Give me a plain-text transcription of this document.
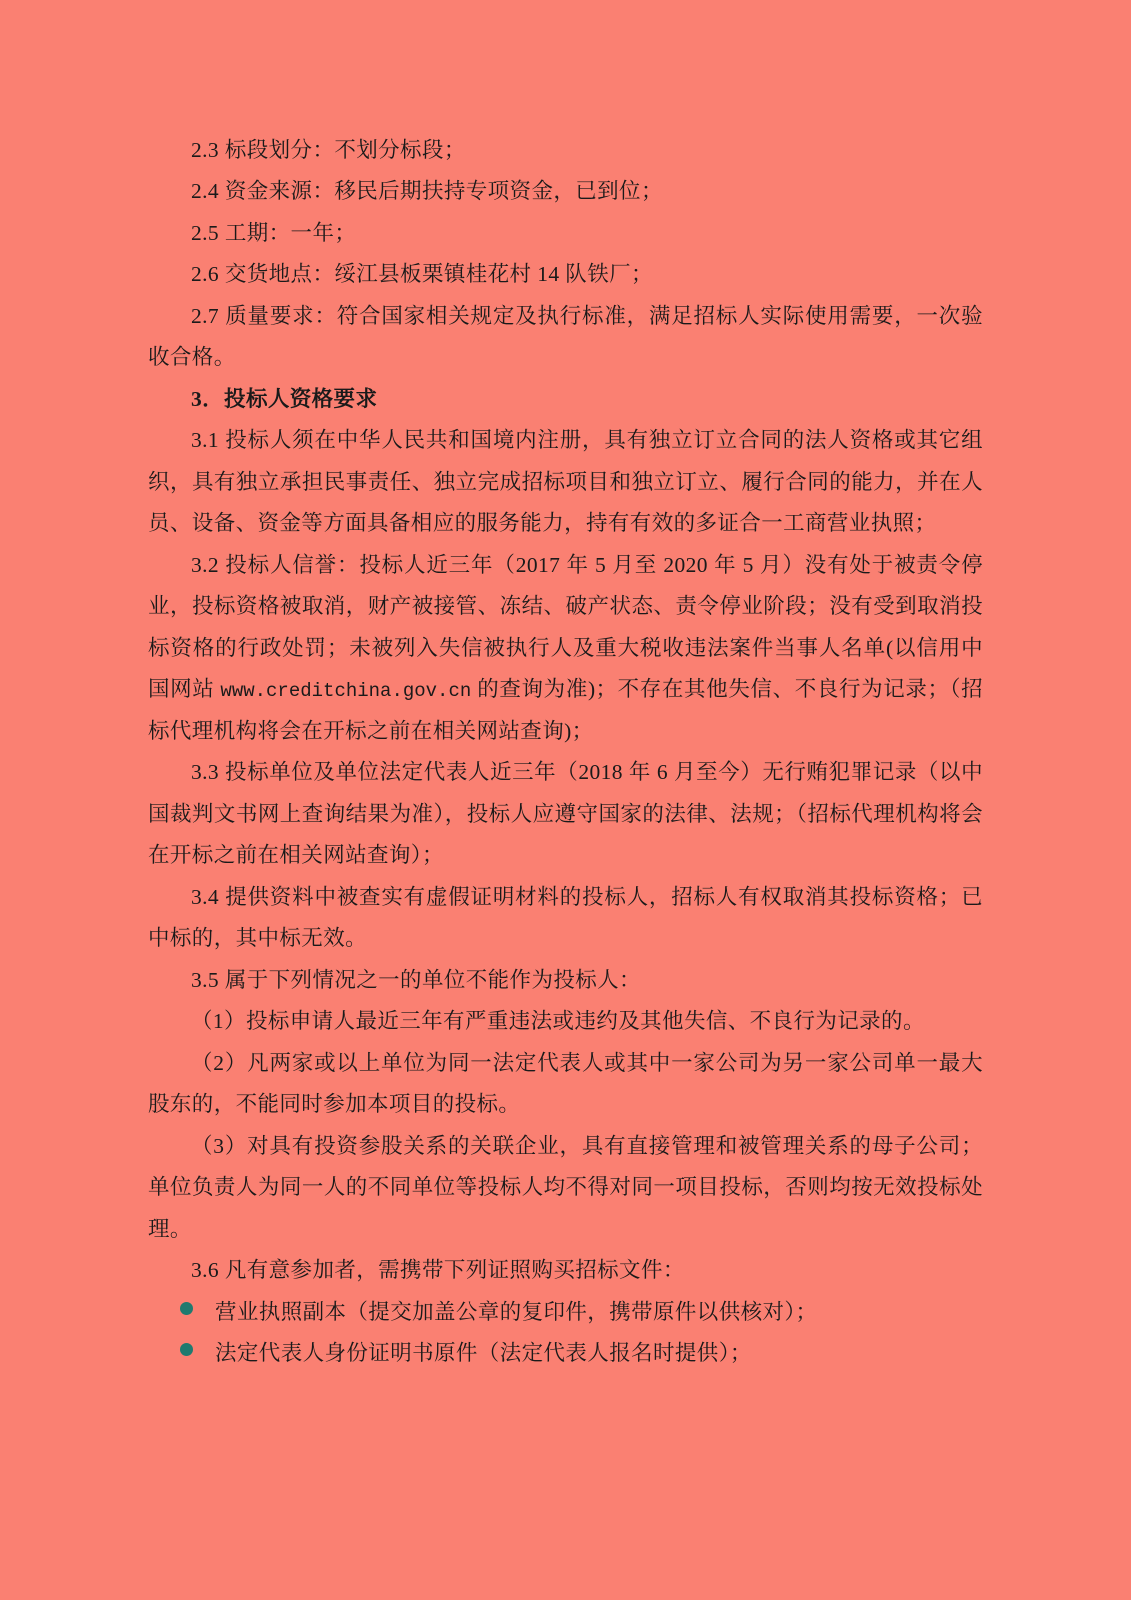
2.3 标段划分：不划分标段；

2.4 资金来源：移民后期扶持专项资金，已到位；

2.5 工期：一年；

2.6 交货地点：绥江县板栗镇桂花村 14 队铁厂；

2.7 质量要求：符合国家相关规定及执行标准，满足招标人实际使用需要，一次验收合格。

3．投标人资格要求

3.1 投标人须在中华人民共和国境内注册，具有独立订立合同的法人资格或其它组织，具有独立承担民事责任、独立完成招标项目和独立订立、履行合同的能力，并在人员、设备、资金等方面具备相应的服务能力，持有有效的多证合一工商营业执照；

3.2 投标人信誉：投标人近三年（2017 年 5 月至 2020 年 5 月）没有处于被责令停业，投标资格被取消，财产被接管、冻结、破产状态、责令停业阶段；没有受到取消投标资格的行政处罚；未被列入失信被执行人及重大税收违法案件当事人名单(以信用中国网站 www.creditchina.gov.cn 的查询为准)；不存在其他失信、不良行为记录；（招标代理机构将会在开标之前在相关网站查询)；

3.3 投标单位及单位法定代表人近三年（2018 年 6 月至今）无行贿犯罪记录（以中国裁判文书网上查询结果为准），投标人应遵守国家的法律、法规；（招标代理机构将会在开标之前在相关网站查询）；

3.4 提供资料中被查实有虚假证明材料的投标人，招标人有权取消其投标资格；已中标的，其中标无效。

3.5 属于下列情况之一的单位不能作为投标人：

（1）投标申请人最近三年有严重违法或违约及其他失信、不良行为记录的。

（2）凡两家或以上单位为同一法定代表人或其中一家公司为另一家公司单一最大股东的，不能同时参加本项目的投标。

（3）对具有投资参股关系的关联企业，具有直接管理和被管理关系的母子公司；单位负责人为同一人的不同单位等投标人均不得对同一项目投标，否则均按无效投标处理。

3.6 凡有意参加者，需携带下列证照购买招标文件：

营业执照副本（提交加盖公章的复印件，携带原件以供核对）；
法定代表人身份证明书原件（法定代表人报名时提供）；
